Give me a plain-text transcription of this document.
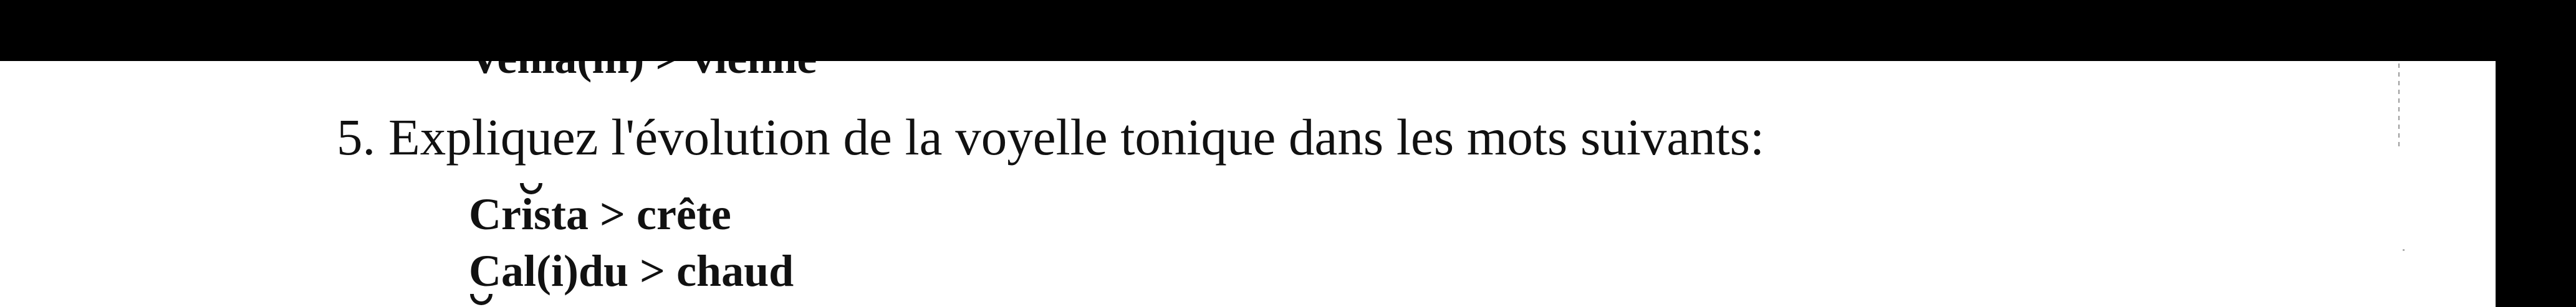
5. Expliquez l'évolution de la voyelle tonique dans les mots suivants:
Crista > crête
Cal(i)du > chaud
